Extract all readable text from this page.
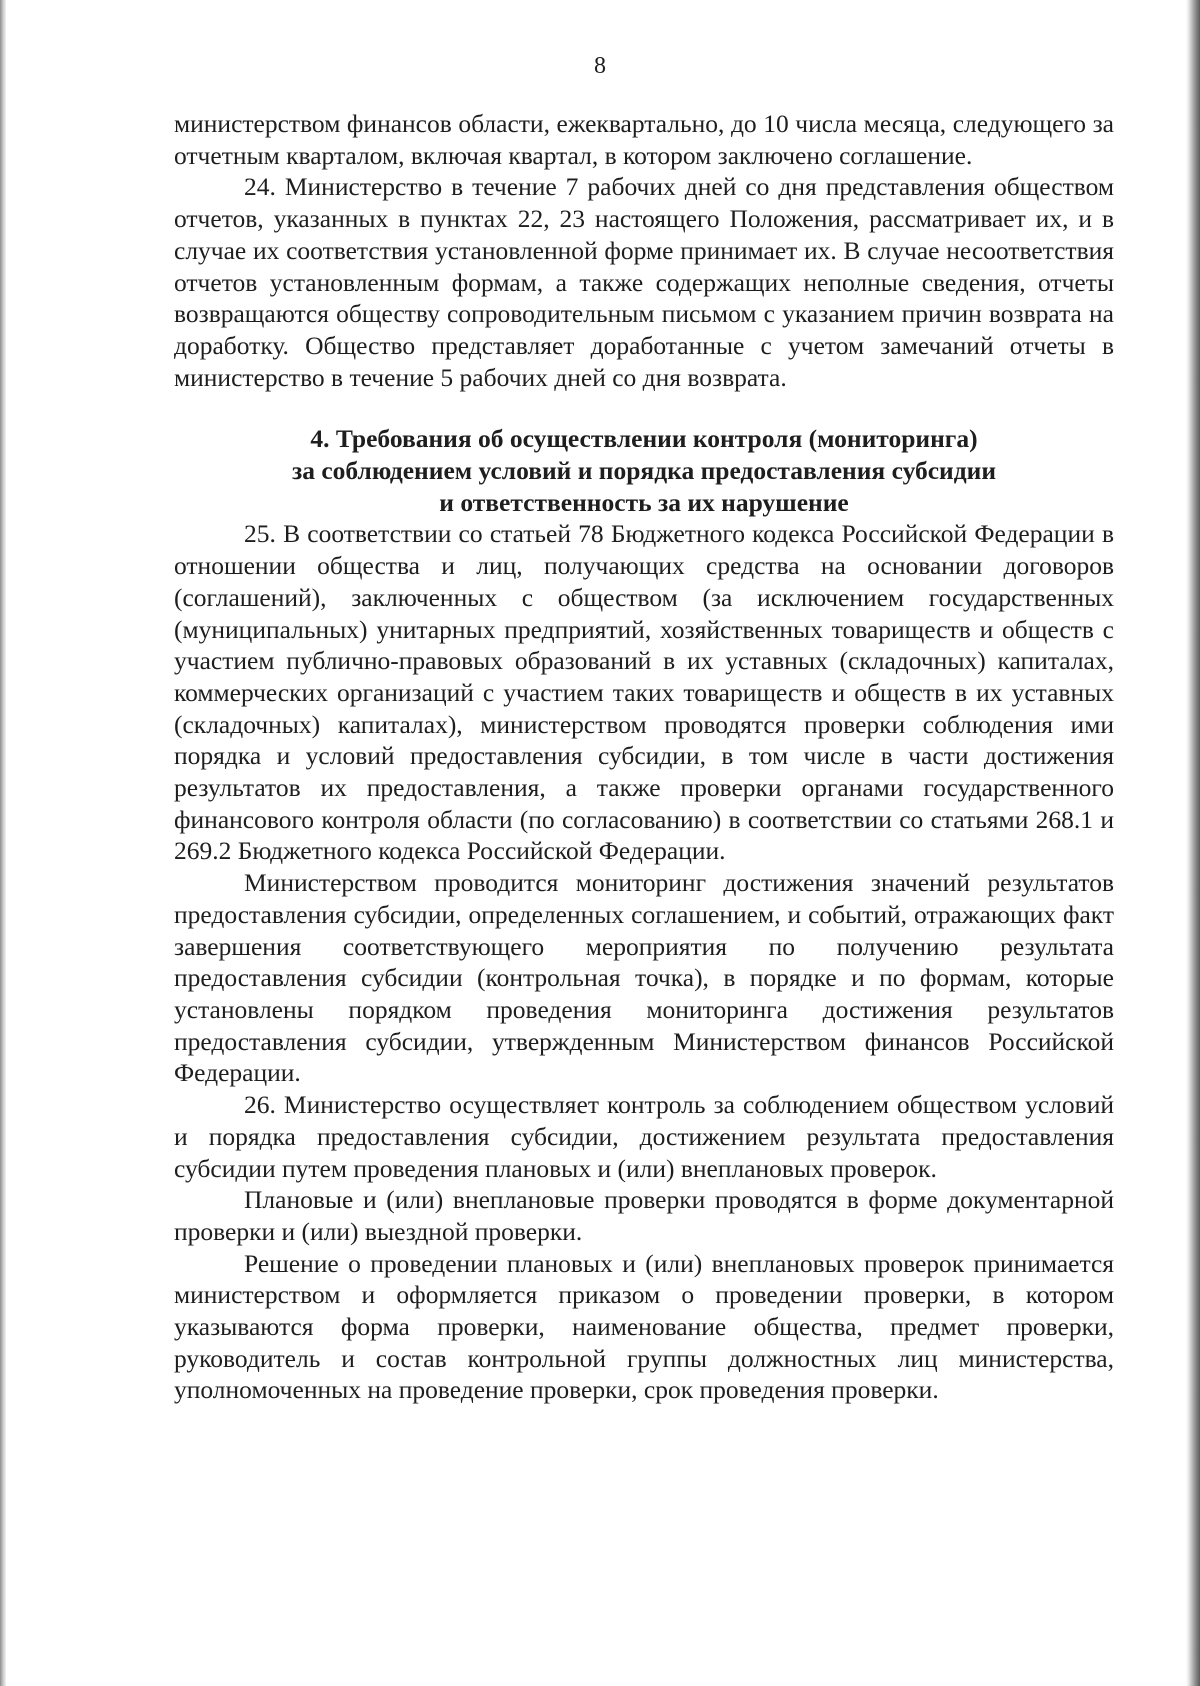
8

министерством финансов области, ежеквартально, до 10 числа месяца, следующего за отчетным кварталом, включая квартал, в котором заключено соглашение.

24. Министерство в течение 7 рабочих дней со дня представления обществом отчетов, указанных в пунктах 22, 23 настоящего Положения, рассматривает их, и в случае их соответствия установленной форме принимает их. В случае несоответствия отчетов установленным формам, а также содержащих неполные сведения, отчеты возвращаются обществу сопроводительным письмом с указанием причин возврата на доработку. Общество представляет доработанные с учетом замечаний отчеты в министерство в течение 5 рабочих дней со дня возврата.

4. Требования об осуществлении контроля (мониторинга)
за соблюдением условий и порядка предоставления субсидии
и ответственность за их нарушение

25. В соответствии со статьей 78 Бюджетного кодекса Российской Федерации в отношении общества и лиц, получающих средства на основании договоров (соглашений), заключенных с обществом (за исключением государственных (муниципальных) унитарных предприятий, хозяйственных товариществ и обществ с участием публично-правовых образований в их уставных (складочных) капиталах, коммерческих организаций с участием таких товариществ и обществ в их уставных (складочных) капиталах), министерством проводятся проверки соблюдения ими порядка и условий предоставления субсидии, в том числе в части достижения результатов их предоставления, а также проверки органами государственного финансового контроля области (по согласованию) в соответствии со статьями 268.1 и 269.2 Бюджетного кодекса Российской Федерации.

Министерством проводится мониторинг достижения значений результатов предоставления субсидии, определенных соглашением, и событий, отражающих факт завершения соответствующего мероприятия по получению результата предоставления субсидии (контрольная точка), в порядке и по формам, которые установлены порядком проведения мониторинга достижения результатов предоставления субсидии, утвержденным Министерством финансов Российской Федерации.

26. Министерство осуществляет контроль за соблюдением обществом условий и порядка предоставления субсидии, достижением результата предоставления субсидии путем проведения плановых и (или) внеплановых проверок.

Плановые и (или) внеплановые проверки проводятся в форме документарной проверки и (или) выездной проверки.

Решение о проведении плановых и (или) внеплановых проверок принимается министерством и оформляется приказом о проведении проверки, в котором указываются форма проверки, наименование общества, предмет проверки, руководитель и состав контрольной группы должностных лиц министерства, уполномоченных на проведение проверки, срок проведения проверки.
